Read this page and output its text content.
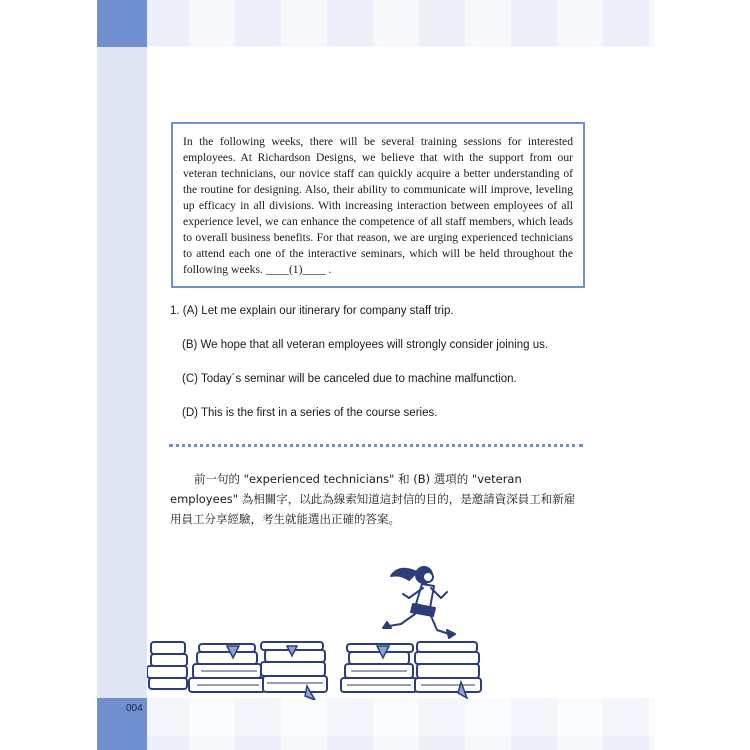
004
In the following weeks, there will be several training sessions for interested employees. At Richardson Designs, we believe that with the support from our veteran technicians, our novice staff can quickly acquire a better understanding of the routine for designing. Also, their ability to communicate will improve, leveling up efficacy in all divisions. With increasing interaction between employees of all experience level, we can enhance the competence of all staff members, which leads to overall business benefits. For that reason, we are urging experienced technicians to attend each one of the interactive seminars, which will be held throughout the following weeks. ____(1)____ .
1. (A) Let me explain our itinerary for company staff trip.
(B) We hope that all veteran employees will strongly consider joining us.
(C) Today´s seminar will be canceled due to machine malfunction.
(D) This is the first in a series of the course series.
前一句的 "experienced technicians" 和 (B) 選項的 "veteran employees" 為相關字，以此為線索知道這封信的目的，是邀請資深員工和新雇用員工分享經驗，考生就能選出正確的答案。
